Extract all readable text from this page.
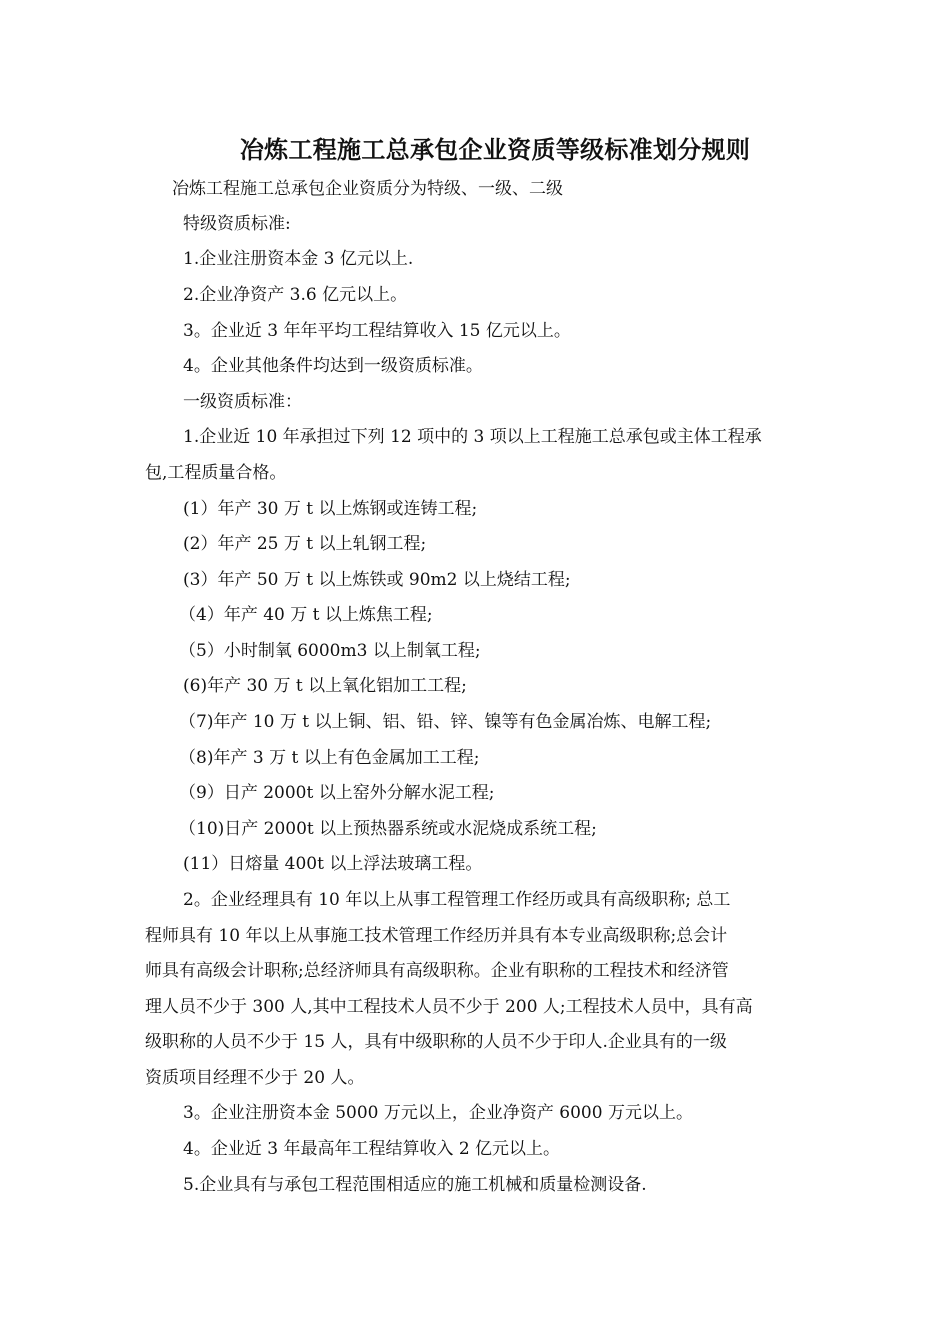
冶炼工程施工总承包企业资质等级标准划分规则
冶炼工程施工总承包企业资质分为特级、一级、二级
特级资质标准:
1.企业注册资本金 3 亿元以上.
2.企业净资产 3.6 亿元以上。
3。企业近 3 年年平均工程结算收入 15 亿元以上。
4。企业其他条件均达到一级资质标准。
一级资质标准：
1.企业近 10 年承担过下列 12 项中的 3 项以上工程施工总承包或主体工程承
包,工程质量合格。
(1）年产 30 万 t 以上炼钢或连铸工程;
(2）年产 25 万 t 以上轧钢工程;
(3）年产 50 万 t 以上炼铁或 90m2 以上烧结工程;
（4）年产 40 万 t 以上炼焦工程;
（5）小时制氧 6000m3 以上制氧工程;
(6)年产 30 万 t 以上氧化铝加工工程;
（7)年产 10 万 t 以上铜、铝、铅、锌、镍等有色金属冶炼、电解工程;
（8)年产 3 万 t 以上有色金属加工工程;
（9）日产 2000t 以上窑外分解水泥工程;
（10)日产 2000t 以上预热器系统或水泥烧成系统工程;
(11）日熔量 400t 以上浮法玻璃工程。
2。企业经理具有 10 年以上从事工程管理工作经历或具有高级职称; 总工
程师具有 10 年以上从事施工技术管理工作经历并具有本专业高级职称;总会计
师具有高级会计职称;总经济师具有高级职称。企业有职称的工程技术和经济管
理人员不少于 300 人,其中工程技术人员不少于 200 人;工程技术人员中，具有高
级职称的人员不少于 15 人，具有中级职称的人员不少于印人.企业具有的一级
资质项目经理不少于 20 人。
3。企业注册资本金 5000 万元以上，企业净资产 6000 万元以上。
4。企业近 3 年最高年工程结算收入 2 亿元以上。
5.企业具有与承包工程范围相适应的施工机械和质量检测设备.
